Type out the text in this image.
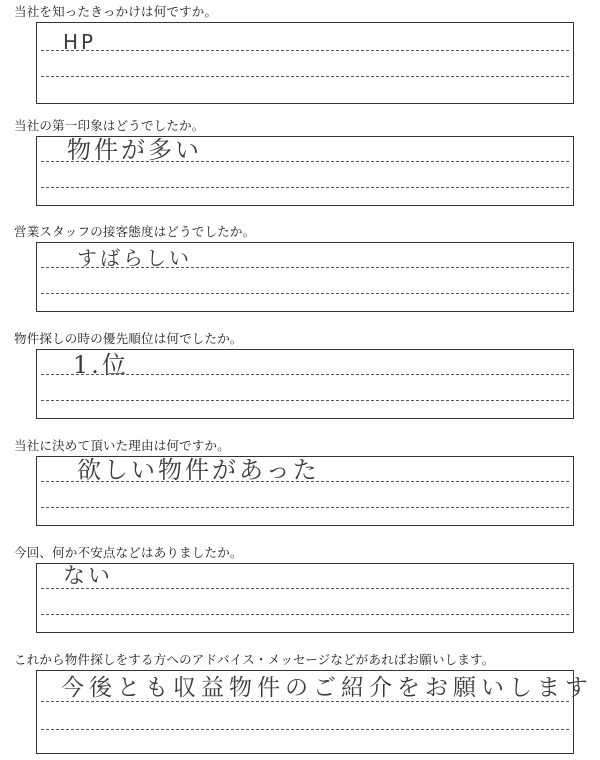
当社を知ったきっかけは何ですか。
HP
当社の第一印象はどうでしたか。
物件が多い
営業スタッフの接客態度はどうでしたか。
すばらしい
物件探しの時の優先順位は何でしたか。
1.位
当社に決めて頂いた理由は何ですか。
欲しい物件があった
今回、何か不安点などはありましたか。
ない
これから物件探しをする方へのアドバイス・メッセージなどがあればお願いします。
今後とも収益物件のご紹介をお願いします
